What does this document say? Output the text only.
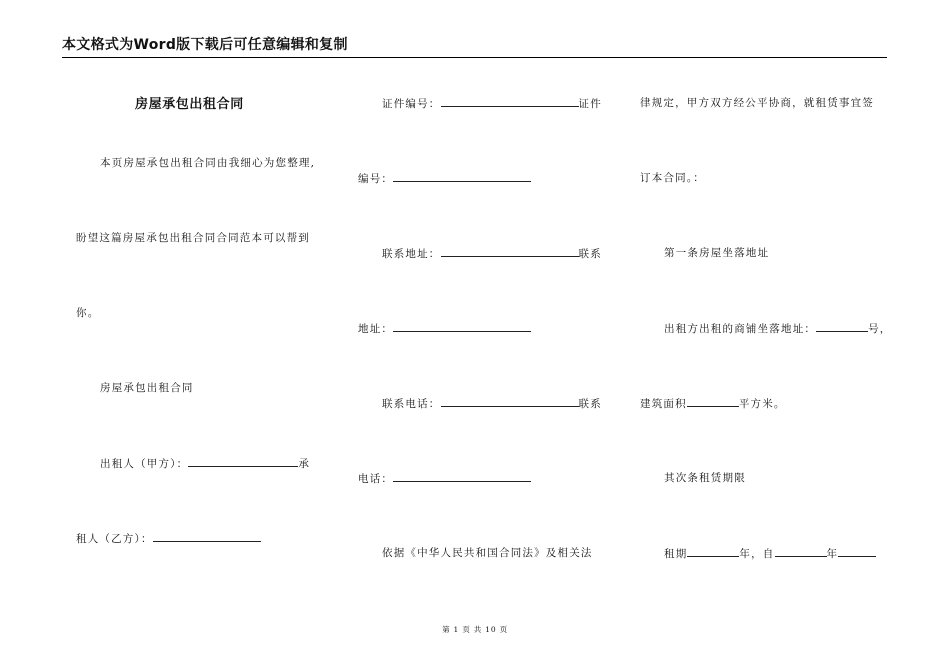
本文格式为Word版下载后可任意编辑和复制
房屋承包出租合同
本页房屋承包出租合同由我细心为您整理,
盼望这篇房屋承包出租合同合同范本可以帮到
你。
房屋承包出租合同
出租人（甲方）：	承
租人（乙方）：
证件编号：	证件
编号：
联系地址：	联系
地址：
联系电话：	联系
电话：
依据《中华人民共和国合同法》及相关法
律规定，甲方双方经公平协商，就租赁事宜签
订本合同。：
第一条房屋坐落地址
出租方出租的商铺坐落地址：	号，
建筑面积	平方米。
其次条租赁期限
租期	年，自	年
第 1 页 共 10 页
